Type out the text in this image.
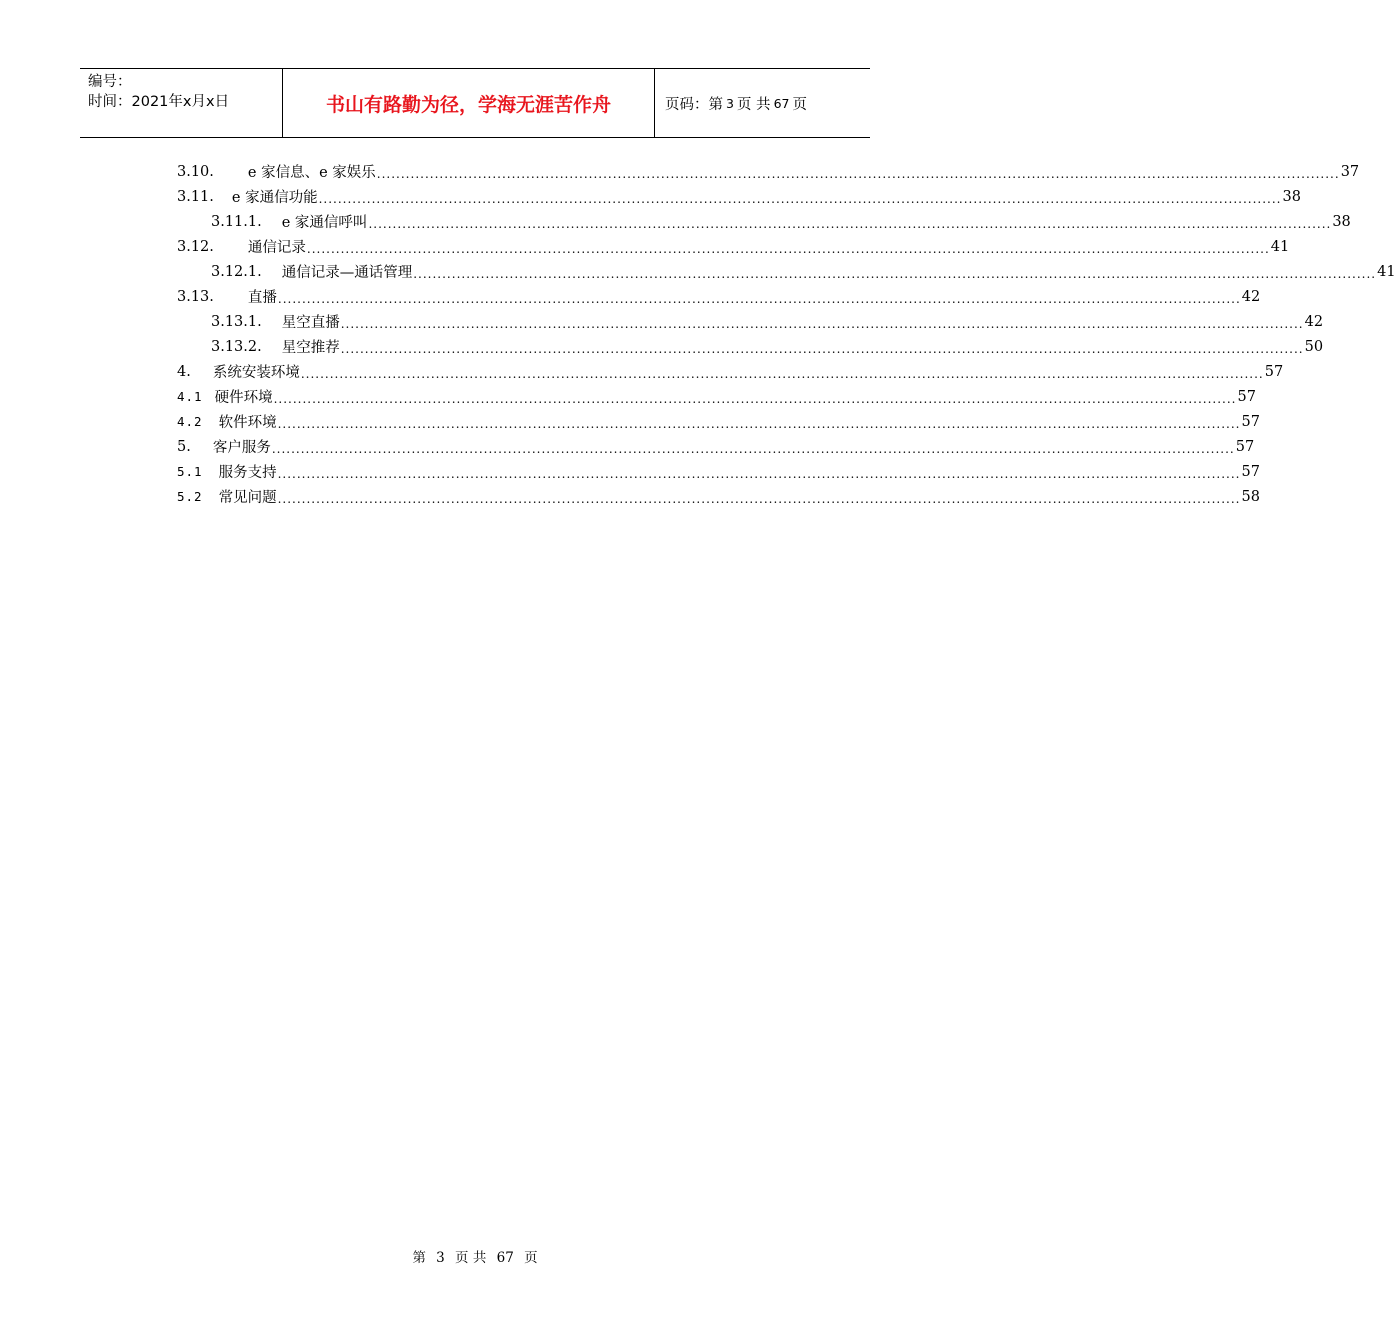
编号：
时间：2021年x月x日	书山有路勤为径，学海无涯苦作舟	页码：第 3 页 共 67 页
3.10. e 家信息、e 家娱乐 ........................................................................................................................................................................................................ 37
3.11. e 家通信功能 ........................................................................................................................................................................................................ 38
3.11.1. e 家通信呼叫 ........................................................................................................................................................................................................ 38
3.12. 通信记录 ........................................................................................................................................................................................................ 41
3.12.1. 通信记录—通话管理 ........................................................................................................................................................................................................ 41
3.13. 直播 ........................................................................................................................................................................................................ 42
3.13.1. 星空直播 ........................................................................................................................................................................................................ 42
3.13.2. 星空推荐 ........................................................................................................................................................................................................ 50
4. 系统安装环境 ........................................................................................................................................................................................................ 57
4.1 硬件环境 ........................................................................................................................................................................................................ 57
4.2 软件环境 ........................................................................................................................................................................................................ 57
5. 客户服务 ........................................................................................................................................................................................................ 57
5.1 服务支持 ........................................................................................................................................................................................................ 57
5.2 常见问题 ........................................................................................................................................................................................................ 58
第 3 页 共 67 页
